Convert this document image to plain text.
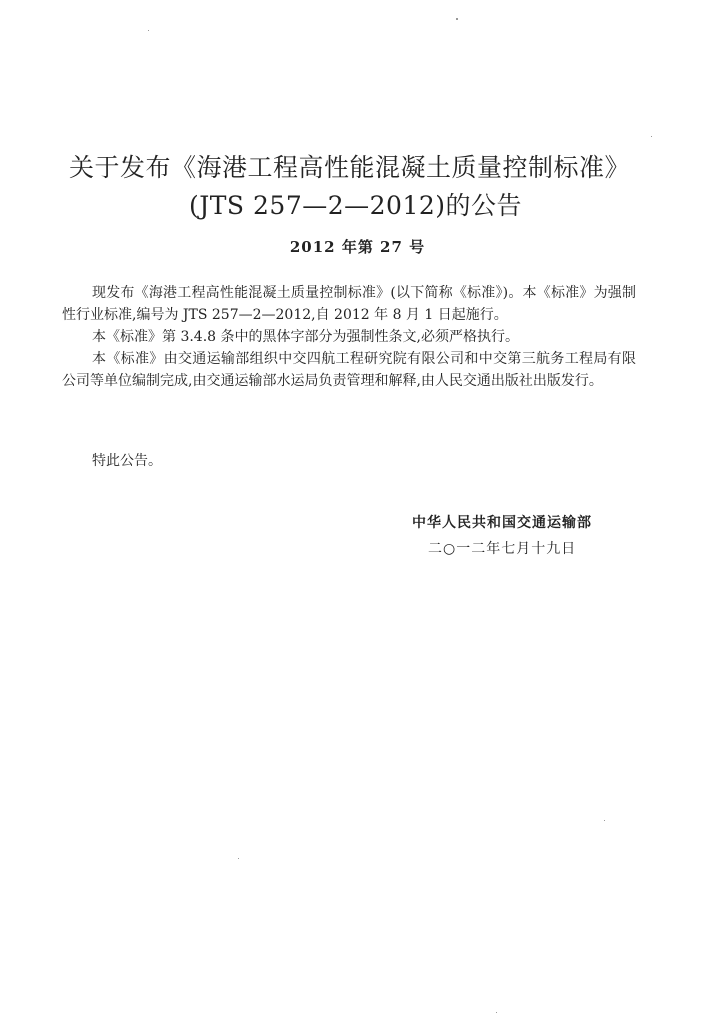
关于发布《海港工程高性能混凝土质量控制标准》
(JTS 257—2—2012)的公告
2012 年第 27 号

现发布《海港工程高性能混凝土质量控制标准》(以下简称《标准》)。本《标准》为强制性行业标准,编号为 JTS 257—2—2012,自 2012 年 8 月 1 日起施行。

本《标准》第 3.4.8 条中的黑体字部分为强制性条文,必须严格执行。

本《标准》由交通运输部组织中交四航工程研究院有限公司和中交第三航务工程局有限公司等单位编制完成,由交通运输部水运局负责管理和解释,由人民交通出版社出版发行。

特此公告。

中华人民共和国交通运输部
二○一二年七月十九日
